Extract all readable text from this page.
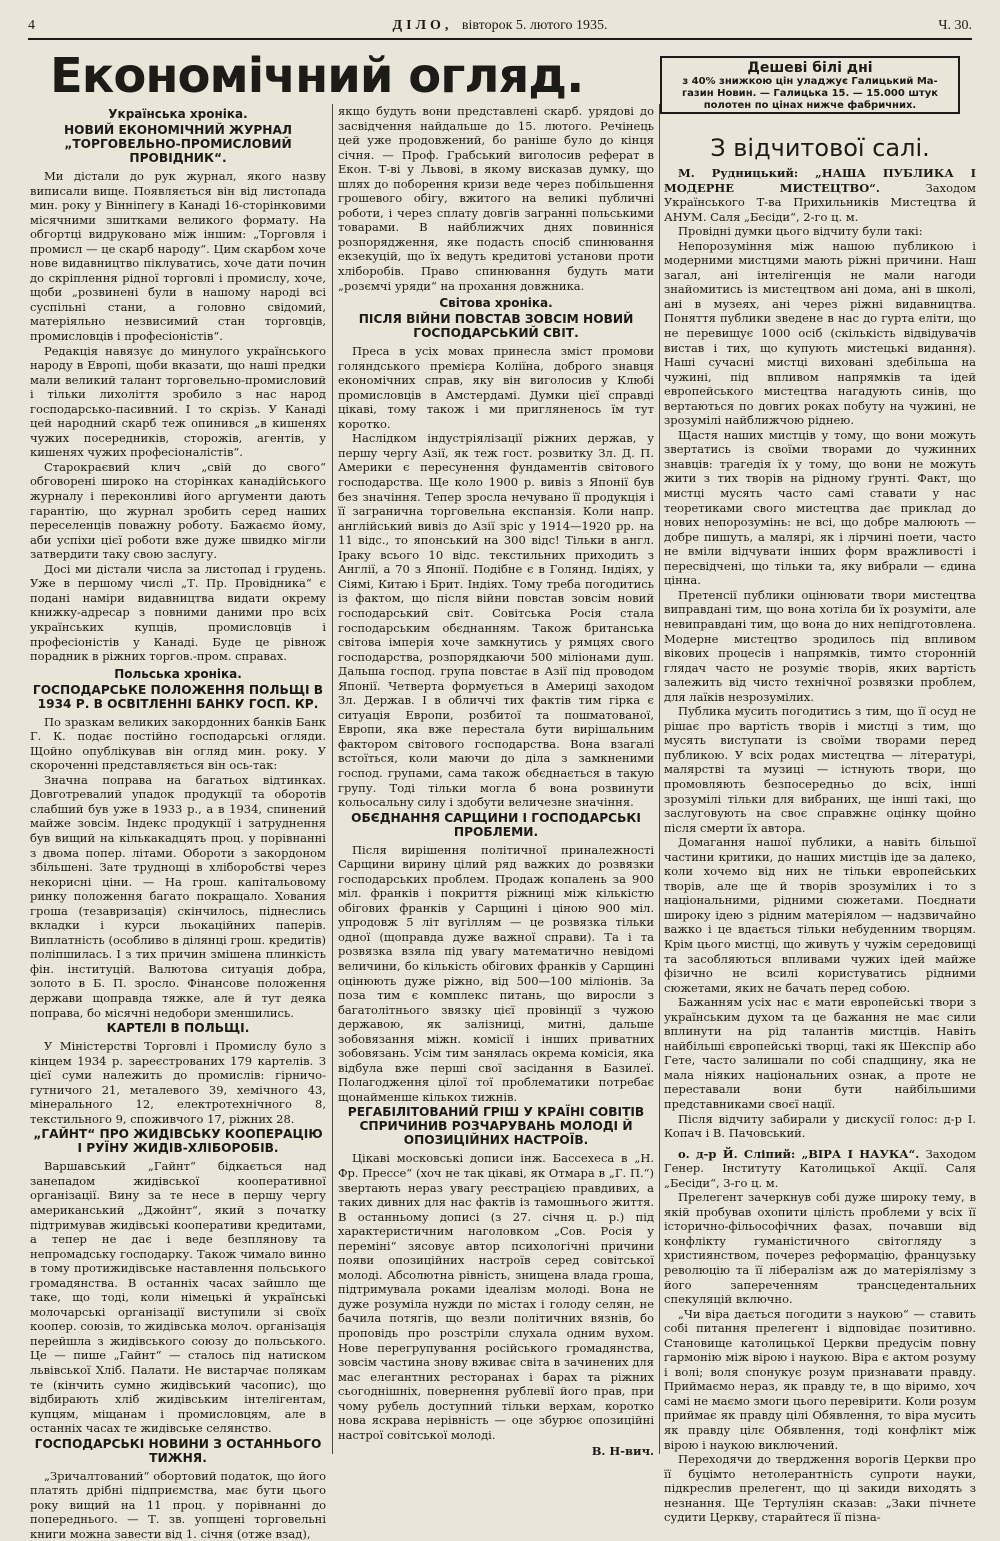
4	ДІЛО, вівторок 5. лютого 1935.	Ч. 30.
Економічний огляд.	Дешеві білі дні
з 40% знижкою цін уладжує Галицький Ма-
газин Новин. — Галицька 15. — 15.000 штук
полотен по цінах нижче фабричних.
Українська хроніка.
НОВИЙ ЕКОНОМІЧНИЙ ЖУРНАЛ „ТОРГОВЕЛЬНО-ПРОМИСЛОВИЙ ПРОВІДНИК“.

Ми дістали до рук журнал, якого назву виписали вище. Появляється він від листопада мин. року у Вінніпегу в Канаді 16-сторінковими місячними зшитками великого формату. На обгортці видруковано між іншим: „Торговля і промисл — це скарб народу“. Цим скарбом хоче нове видавництво піклуватись, хоче дати почин до скріплення рідної торговлі і промислу, хоче, щоби „розвинені були в нашому народі всі суспільні стани, а головно свідомий, матеріяльно незвисимий стан торговців, промисловців і професіоністів“.

Редакція навязує до минулого українського народу в Европі, щоби вказати, що наші предки мали великий талант торговельно-промисловий і тільки лихоліття зробило з нас народ господарсько-пасивний. І то скрізь. У Канаді цей народний скарб теж опинився „в кишенях чужих посередників, сторожів, агентів, у кишенях чужих професіоналістів“.

Старокраєвий клич „свій до свого“ обговорені широко на сторінках канадійського журналу і переконливі його аргументи дають гарантію, що журнал зробить серед наших переселенців поважну роботу. Бажаємо йому, аби успіхи цієї роботи вже дуже швидко мігли затвердити таку свою заслугу.

Досі ми дістали числа за листопад і грудень. Уже в першому числі „Т. Пр. Провідника“ є подані наміри видавництва видати окрему книжку-адресар з повними даними про всіх українських купців, промисловців і професіоністів у Канаді. Буде це рівнож порадник в ріжних торгов.-пром. справах.

Польська хроніка.
ГОСПОДАРСЬКЕ ПОЛОЖЕННЯ ПОЛЬЩІ В 1934 Р. В ОСВІТЛЕННІ БАНКУ ГОСП. КР.

По зразкам великих закордонних банків Банк Г. К. подає постійно господарські огляди. Щойно опублікував він огляд мин. року. У скороченні представляється він ось-так:

Значна поправа на багатьох відтинках. Довготревалий упадок продукції та оборотів слабший був уже в 1933 р., а в 1934, спинений майже зовсім. Індекс продукції і затруднення був вищий на кількакадцять проц. у порівнанні з двома попер. літами. Обороти з закордоном збільшені. Зате труднощі в хліборобстві через некорисні ціни. — На грош. капітальовому ринку положення багато покращало. Хования гроша (тезавризація) скінчилось, піднеслись вкладки і курси льокаційних паперів. Виплатність (особливо в ділянці грош. кредитів) поліпшилась. І з тих причин змішена плинкість фін. інституцій. Валютова ситуація добра, золото в Б. П. зросло. Фінансове положення держави щоправда тяжке, але й тут деяка поправа, бо місячні недобори зменшились.

КАРТЕЛІ В ПОЛЬЩІ.

У Міністерстві Торговлі і Промислу було з кінцем 1934 р. зареєстрованих 179 картелів. З цієї суми належить до промислів: гірничо-гутничого 21, металевого 39, хемічного 43, мінерального 12, електротехнічного 8, текстильного 9, споживчого 17, ріжних 28.

„ГАЙНТ“ ПРО ЖИДІВСЬКУ КООПЕРАЦІЮ І РУЇНУ ЖИДІВ-ХЛІБОРОБІВ.

Варшавський „Гайнт“ бідкається над занепадом жидівської кооперативної організації. Вину за те несе в першу чергу американський „Джойнт“, який з початку підтримував жидівські кооперативи кредитами, а тепер не дає і веде безплянову та непромадську господарку. Також чимало винно в тому протижидівське наставлення польського громадянства. В останніх часах зайшло ще таке, що тоді, коли німецькі й українські молочарські організації виступили зі своїх коопер. союзів, то жидівська молоч. організація перейшла з жидівського союзу до польського. Це — пише „Гайнт“ — сталось під натиском львівської Хліб. Палати. Не вистарчає полякам те (кінчить сумно жидівський часопис), що відбирають хліб жидівським інтелігентам, купцям, міщанам і промисловцям, але в останніх часах те жидівське селянство.

ГОСПОДАРСЬКІ НОВИНИ З ОСТАННЬОГО ТИЖНЯ.

„Зричалтований“ обортовий податок, що його платять дрібні підприємства, має бути цього року вищий на 11 проц. у порівнанні до попереднього. — Т. зв. уопщені торговельні книги можна завести від 1. січня (отже взад),

якщо будуть вони представлені скарб. урядові до засвідчення найдальше до 15. лютого. Речінець цей уже продовжений, бо раніше було до кінця січня. — Проф. Грабський виголосив реферат в Екон. Т-ві у Львові, в якому висказав думку, що шлях до поборення кризи веде через побільшення грошевого обігу, вжитого на великі публичні роботи, і через сплату довгів загранні польськими товарами. В найближчих днях повинніся розпорядження, яке подасть спосіб спинювання екзекуцій, що їх ведуть кредитові установи проти хліборобів. Право спинювання будуть мати „розємчі уряди“ на прохання довжника.

Світова хроніка.
ПІСЛЯ ВІЙНИ ПОВСТАВ ЗОВСІМ НОВИЙ ГОСПОДАРСЬКИЙ СВІТ.

Преса в усіх мовах принесла зміст промови голяндського премієра Коліїна, доброго знавця економічних справ, яку він виголосив у Клюбі промисловців в Амстердамі. Думки цієї справді цікаві, тому також і ми пригляненось їм тут коротко.

Наслідком індустріялізації ріжних держав, у першу чергу Азії, як теж гост. розвитку Зл. Д. П. Америки є пересунення фундаментів світового господарства. Ще коло 1900 р. вивіз з Японії був без значіння. Тепер зросла нечувано її продукція і її загранична торговельна експанзія. Коли напр. англійський вивіз до Азії зріс у 1914—1920 рр. на 11 відс., то японський на 300 відс! Тільки в англ. Іраку всього 10 відс. текстильних приходить з Англії, а 70 з Японії. Подібне є в Голянд. Індіях, у Сіямі, Китаю і Брит. Індіях. Тому треба погодитись із фактом, що після війни повстав зовсім новий господарський світ. Совітська Росія стала господарським обєднанням. Також британська світова імперія хоче замкнутись у рямцях свого господарства, розпорядкаючи 500 міліонами душ. Дальша господ. група повстає в Азії під проводом Японії. Четверта формується в Америці заходом Зл. Держав. І в обличчі тих фактів тим гірка є ситуація Европи, розбитої та пошматованої, Европи, яка вже перестала бути вирішальним фактором світового господарства. Вона взагалі встоїться, коли маючи до діла з замкненими господ. групами, сама також обєднається в такую групу. Тоді тільки могла б вона розвинути кольосальну силу і здобути величезне значіння.

ОБЄДНАННЯ САРЩИНИ І ГОСПОДАРСЬКІ ПРОБЛЕМИ.

Після вирішення політичної приналежності Сарщини вирину цілий ряд важких до розвязки господарських проблем. Продаж копалень за 900 міл. франків і покриття ріжниці між кількістю обігових франків у Сарщині і ціною 900 міл. упродовж 5 літ вугіллям — це розвязка тільки одної (щоправда дуже важної справи). Та і та розвязка взяла під увагу математично невідомі величини, бо кількість обігових франків у Сарщині оцінюють дуже ріжно, від 500—100 міліонів. За поза тим є комплекс питань, що виросли з багатолітнього звязку цієї провінції з чужою державою, як залізниці, митні, дальше зобовязання міжн. комісії і інших приватних зобовязань. Усім тим занялась окрема комісія, яка відбула вже перші свої засідання в Базилеї. Полагодження цілої тої проблематики потребає щонайменше кількох тижнів.

РЕГАБІЛІТОВАНИЙ ГРІШ У КРАЇНІ СОВІТІВ СПРИЧИНИВ РОЗЧАРУВАНЬ МОЛОДІ Й ОПОЗИЦІЙНИХ НАСТРОЇВ.

Цікаві московські дописи інж. Бассехеса в „Н. Фр. Прессе“ (хоч не так цікаві, як Отмара в „Г. П.“) звертають нераз увагу реєстрацією правдивих, а таких дивних для нас фактів із тамошнього життя. В останньому дописі (з 27. січня ц. р.) під характеристичним наголовком „Сов. Росія у переміні“ зясовує автор психологічні причини появи опозиційних настроїв серед совітської молоді. Абсолютна рівність, знищена влада гроша, підтримувала роками ідеалізм молоді. Вона не дуже розуміла нужди по містах і голоду селян, не бачила потягів, що везли політичних вязнів, бо проповідь про розстріли слухала одним вухом. Нове перегрупування російського громадянства, зовсім частина знову вживає світа в зачинених для мас елегантних ресторанах і барах та ріжних сьогоднішніх, повернення рублевії його прав, при чому рубель доступний тільки верхам, коротко нова яскрава нерівність — оце збурює опозиційні настрої совітської молоді.

В. Н-вич.
З відчитової салі.

М. Рудницький: „НАША ПУБЛИКА І МОДЕРНЕ МИСТЕЦТВО“.	Заходом Українського Т-ва Прихильників Мистецтва й АНУМ. Саля „Бесіди“, 2-го ц. м.

Провідні думки цього відчиту були такі:

Непорозуміння між нашою публикою і модерними мистцями мають ріжні причини. Наш загал, ані інтелігенція не мали нагоди знайомитись із мистецтвом ані дома, ані в школі, ані в музеях, ані через ріжні видавництва. Поняття публики зведене в нас до гурта еліти, що не перевищує 1000 осіб (скількість відвідувачів вистав і тих, що купують мистецькі видання). Наші сучасні мистці виховані здебільша на чужині, під впливом напрямків та ідей европейського мистецтва нагадують синів, що вертаються по довгих роках побуту на чужині, не зрозумілі найближчою ріднею.

Щастя наших мистців у тому, що вони можуть звертатись із своїми творами до чужинних знавців: трагедія їх у тому, що вони не можуть жити з тих творів на рідному ґрунті. Факт, що мистці мусять часто самі ставати у нас теоретиками свого мистецтва дає приклад до нових непорозумінь: не всі, що добре малюють — добре пишуть, а малярі, як і лірчині поети, часто не вміли відчувати інших форм вражливості і пересвідчені, що тільки та, яку вибрали — єдина цінна.

Претенсії публики оцінювати твори мистецтва виправдані тим, що вона хотіла би їх розуміти, але невиправдані тим, що вона до них непідготовлена. Модерне мистецтво зродилось під впливом вікових процесів і напрямків, тимто сторонній глядач часто не розуміє творів, яких вартість залежить від чисто технічної розвязки проблем, для лаїків незрозумілих.

Публика мусить погодитись з тим, що її осуд не рішає про вартість творів і мистці з тим, що мусять виступати із своїми творами перед публикою. У всіх родах мистецтва — літературі, малярстві та музиці — істнують твори, що промовляють безпосередньо до всіх, інші зрозумілі тільки для вибраних, ще інші такі, що заслуговують на своє справжнє оцінку щойно після смерти їх автора.

Домагання нашої публики, а навіть більшої частини критики, до наших мистців іде за далеко, коли хочемо від них не тільки европейських творів, але ще й творів зрозумілих і то з національними, рідними сюжетами. Поєднати широку ідею з рідним матеріялом — надзвичайно важко і це вдається тільки небуденним творцям. Крім цього мистці, що живуть у чужім середовищі та засобляються впливами чужих ідей майже фізично не всилі користуватись рідними сюжетами, яких не бачать перед собою.

Бажанням усіх нас є мати европейські твори з українським духом та це бажання не має сили вплинути на рід талантів мистців. Навіть найбільші європейські творці, такі як Шекспір або Гете, часто залишали по собі спадщину, яка не мала ніяких національних ознак, а проте не переставали вони бути найбільшими представниками своєї нації.

Після відчиту забирали у дискусії голос: д-р І. Копач і В. Пачовський.

о. д-р Й. Сліпий: „ВІРА І НАУКА“. Заходом Генер. Інституту Католицької Акції. Саля „Бесіди“, 3-го ц. м.

Прелегент зачеркнув собі дуже широку тему, в якій пробував охопити цілість проблеми у всіх її історично-фільософічних фазах, почавши від конфлікту гуманістичного світогляду з християнством, почерез реформацію, французьку революцію та її лібералізм аж до матеріялізму з його запереченням трансцедентальних спекуляцій включно.

„Чи віра дається погодити з наукою“ — ставить собі питання прелегент і відповідає позитивно. Становище католицької Церкви предусім повну гармонію між вірою і наукою. Віра є актом розуму і волі; воля спонукує розум признавати правду. Приймаємо нераз, як правду те, в що віримо, хоч самі не маємо змоги цього перевірити. Коли розум приймає як правду цілі Обявлення, то віра мусить як правду цілє Обявлення, тоді конфлікт між вірою і наукою виключений.

Переходячи до твердження ворогів Церкви про її буцімто нетолерантність супроти науки, підкреслив прелегент, що ці закиди виходять з незнання. Ще Тертуліян сказав: „Заки пічнете судити Церкву, старайтеся її пізна-
